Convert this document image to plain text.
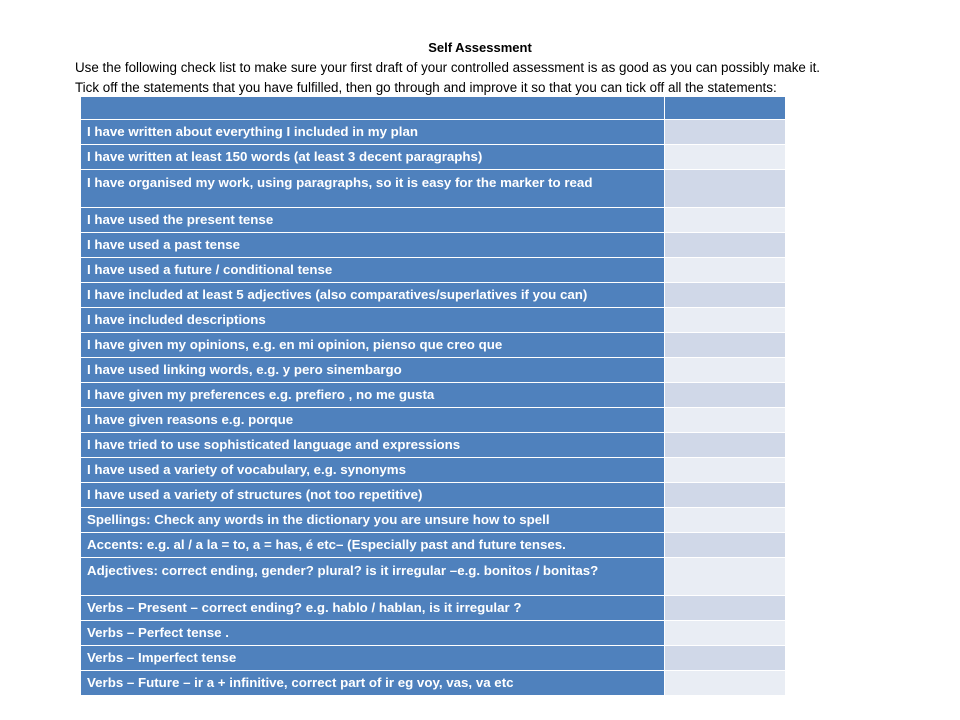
Self Assessment
Use the following check list to make sure your first draft of your controlled assessment is as good as you can possibly make it.
Tick off the statements that you have fulfilled, then go through and improve it so that you can tick off all the statements:

I have written about everything I included in my plan	
I have written at least 150 words (at least 3 decent paragraphs)	
I have organised my work, using paragraphs, so it is easy for the marker to read	
I have used the present tense	
I have used a past tense	
I have used a future / conditional tense	
I have included at least 5 adjectives (also comparatives/superlatives if you can)	
I have included descriptions	
I have given my opinions, e.g. en mi opinion, pienso que creo que	
I have used linking words, e.g. y pero sinembargo	
I have given my preferences e.g. prefiero , no me gusta	
I have given reasons e.g. porque	
I have tried to use sophisticated language and expressions	
I have used a variety of vocabulary, e.g. synonyms	
I have used a variety of structures (not too repetitive)	
Spellings: Check any words in the dictionary you are unsure how to spell	
Accents: e.g. al / a la = to, a = has, é etc– (Especially past and future tenses.	
Adjectives: correct ending, gender? plural? is it irregular –e.g. bonitos / bonitas?	
Verbs – Present – correct ending? e.g. hablo / hablan, is it irregular ?	
Verbs – Perfect tense .	
Verbs – Imperfect tense	
Verbs – Future – ir a + infinitive, correct part of ir eg voy, vas, va etc	
